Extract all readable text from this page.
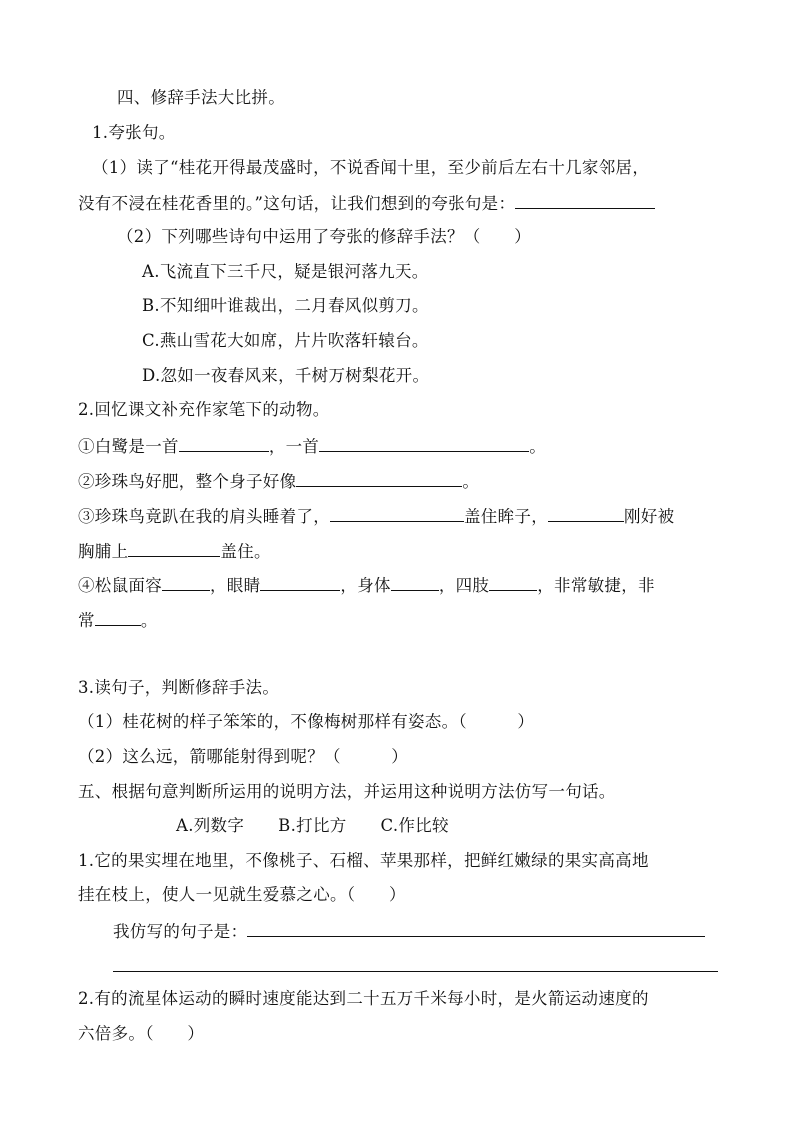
四、修辞手法大比拼。
1.夸张句。
（1）读了“桂花开得最茂盛时，不说香闻十里，至少前后左右十几家邻居，
没有不浸在桂花香里的。”这句话，让我们想到的夸张句是：
（2）下列哪些诗句中运用了夸张的修辞手法？（　　）
A.飞流直下三千尺，疑是银河落九天。
B.不知细叶谁裁出，二月春风似剪刀。
C.燕山雪花大如席，片片吹落轩辕台。
D.忽如一夜春风来，千树万树梨花开。
2.回忆课文补充作家笔下的动物。
①白鹭是一首	，一首	。
②珍珠鸟好肥，整个身子好像	。
③珍珠鸟竟趴在我的肩头睡着了，	盖住眸子，	刚好被
胸脯上	盖住。
④松鼠面容	，眼睛	，身体	，四肢	，非常敏捷，非
常	。
3.读句子，判断修辞手法。
（1）桂花树的样子笨笨的，不像梅树那样有姿态。（　　　）
（2）这么远，箭哪能射得到呢？（　　　）
五、根据句意判断所运用的说明方法，并运用这种说明方法仿写一句话。
A.列数字 B.打比方 C.作比较
1.它的果实埋在地里，不像桃子、石榴、苹果那样，把鲜红嫩绿的果实高高地
挂在枝上，使人一见就生爱慕之心。（　　）
我仿写的句子是：
2.有的流星体运动的瞬时速度能达到二十五万千米每小时，是火箭运动速度的
六倍多。（　　）
